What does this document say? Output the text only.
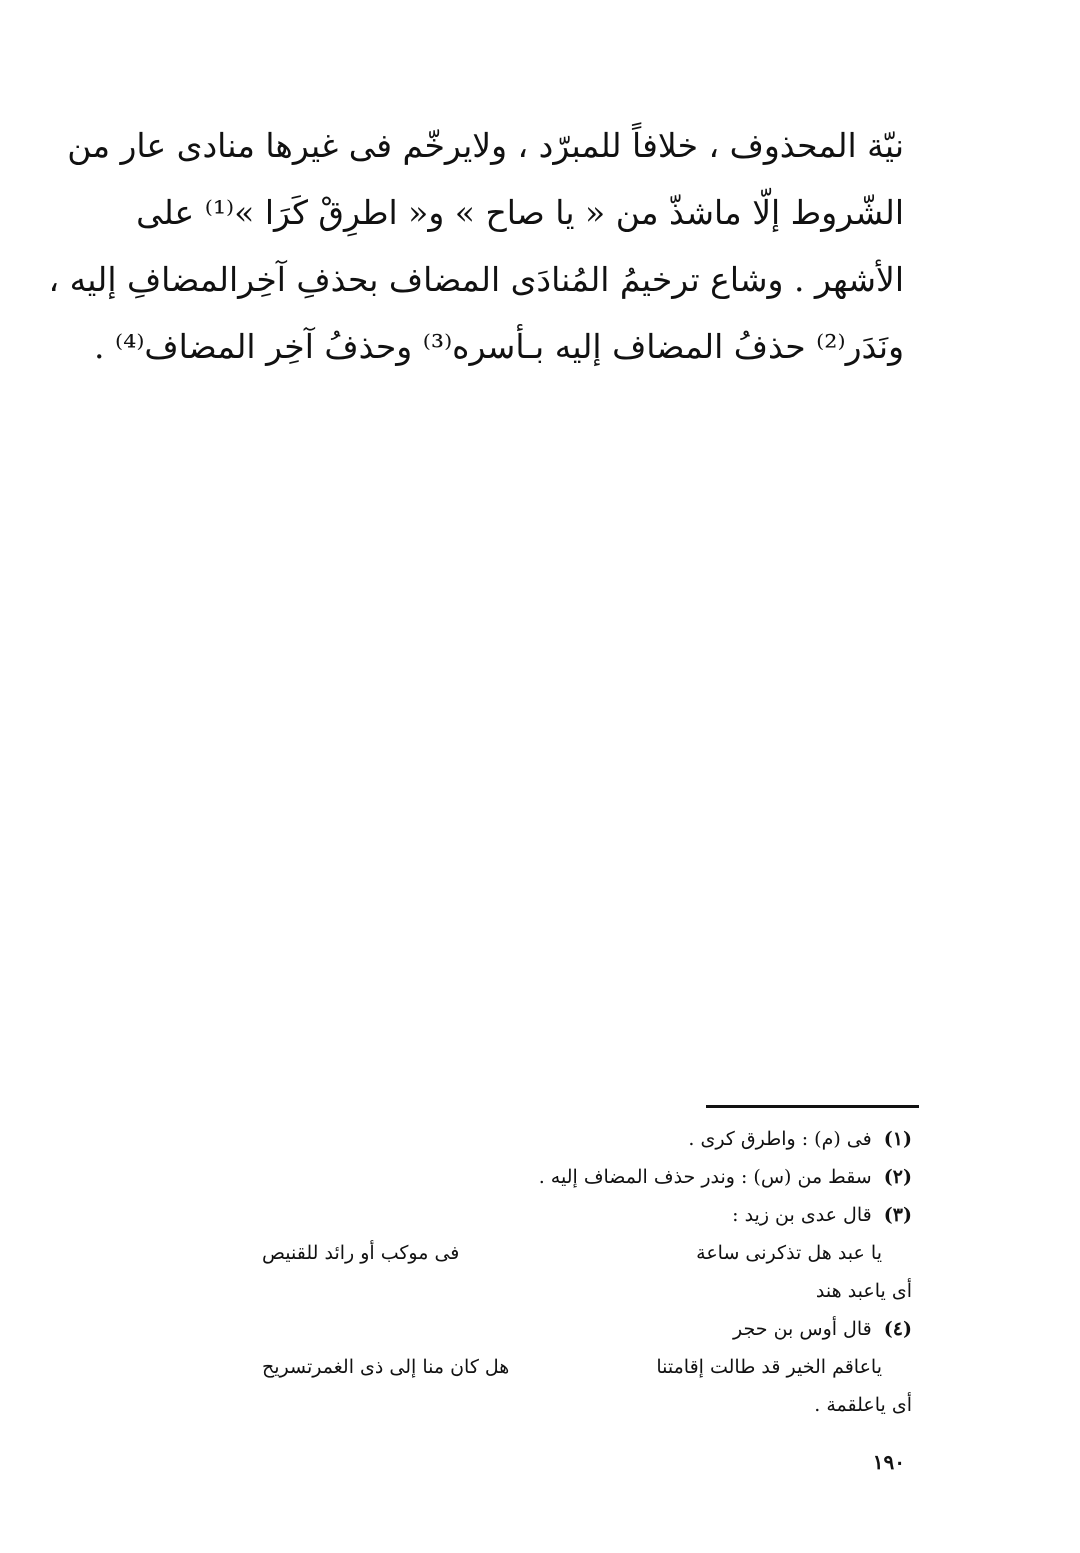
نيّة المحذوف ، خلافاً للمبرّد ، ولايرخّم فى غيرها منادى عار من
الشّروط إلّا ماشذّ من « يا صاح » و« اطرِقْ كَرَا »⁽¹⁾ على
الأشهر . وشاع ترخيمُ المُنادَى المضاف بحذفِ آخِرالمضافِ إليه ،
ونَدَر⁽²⁾ حذفُ المضاف إليه بـأسره⁽³⁾ وحذفُ آخِر المضاف⁽⁴⁾ .
(١) فى (م) : واطرق كرى .
(٢) سقط من (س) : وندر حذف المضاف إليه .
(٣) قال عدى بن زيد :
يا عبد هل تذكرنى ساعة
فى موكب أو رائد للقنيص
أى ياعبد هند
(٤) قال أوس بن حجر
ياعاقم الخير قد طالت إقامتنا
هل كان منا إلى ذى الغمرتسريح
أى ياعلقمة .
١٩٠
